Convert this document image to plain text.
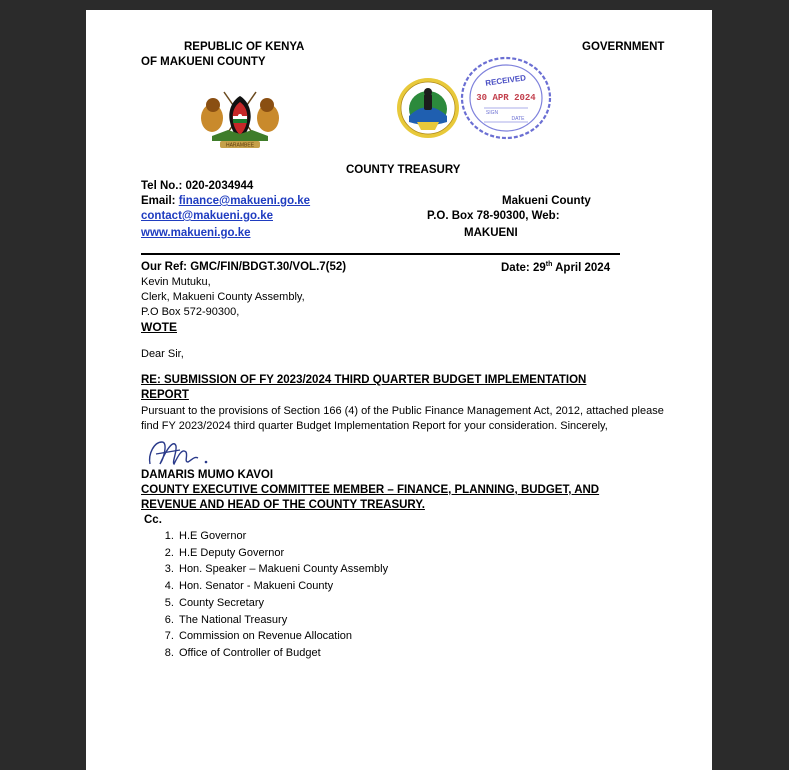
REPUBLIC OF KENYA	GOVERNMENT
OF MAKUENI COUNTY
HARAMBEE
RECEIVED
30 APR 2024
SIGN
DATE
COUNTY TREASURY
Tel No.: 020-2034944
Email: finance@makueni.go.ke
contact@makueni.go.ke
www.makueni.go.ke
Makueni County
P.O. Box 78-90300, Web:
MAKUENI
Our Ref: GMC/FIN/BDGT.30/VOL.7(52)	Date: 29th April 2024
Kevin Mutuku,
Clerk, Makueni County Assembly,
P.O Box 572-90300,
WOTE
Dear Sir,
RE: SUBMISSION OF FY 2023/2024 THIRD QUARTER BUDGET IMPLEMENTATION
REPORT
Pursuant to the provisions of Section 166 (4) of the Public Finance Management Act, 2012, attached please
find FY 2023/2024 third quarter Budget Implementation Report for your consideration. Sincerely,
DAMARIS MUMO KAVOI
COUNTY EXECUTIVE COMMITTEE MEMBER – FINANCE, PLANNING, BUDGET, AND
REVENUE AND HEAD OF THE COUNTY TREASURY.
Cc.
1. H.E Governor
2. H.E Deputy Governor
3. Hon. Speaker – Makueni County Assembly
4. Hon. Senator - Makueni County
5. County Secretary
6. The National Treasury
7. Commission on Revenue Allocation
8. Office of Controller of Budget
